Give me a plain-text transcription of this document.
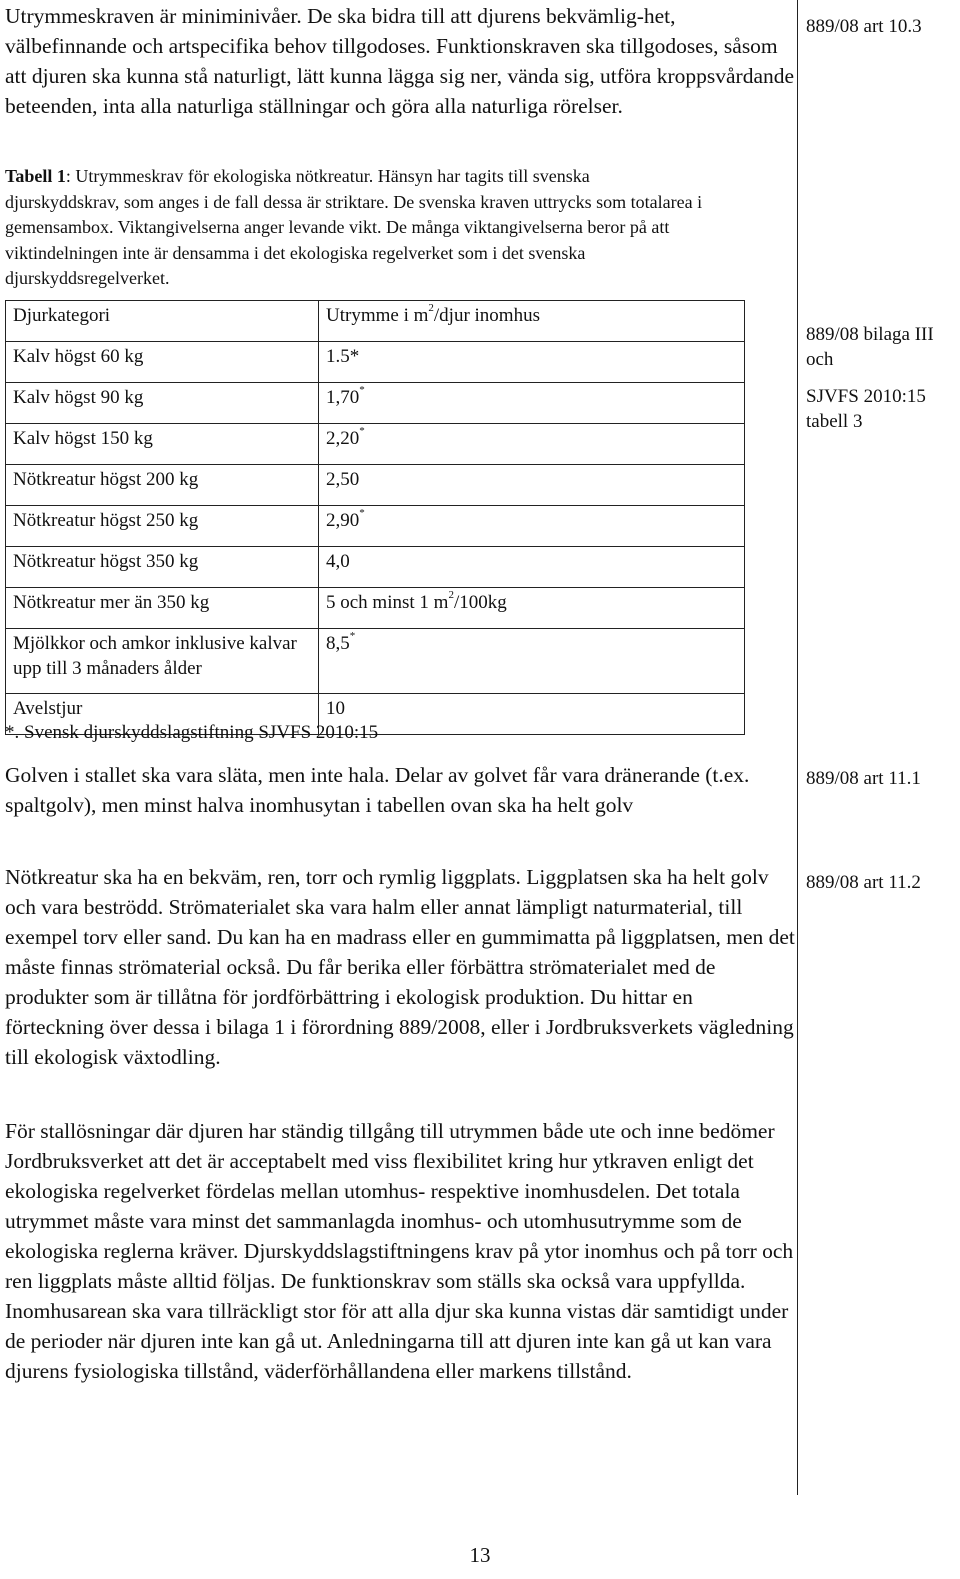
Utrymmeskraven är miniminivåer. De ska bidra till att djurens bekvämlig-het, välbefinnande och artspecifika behov tillgodoses. Funktionskraven ska tillgodoses, såsom att djuren ska kunna stå naturligt, lätt kunna lägga sig ner, vända sig, utföra kroppsvårdande beteenden, inta alla naturliga ställningar och göra alla naturliga rörelser.

Tabell 1: Utrymmeskrav för ekologiska nötkreatur. Hänsyn har tagits till svenska djurskyddskrav, som anges i de fall dessa är striktare. De svenska kraven uttrycks som totalarea i gemensambox. Viktangivelserna anger levande vikt. De många viktangivelserna beror på att viktindelningen inte är densamma i det ekologiska regelverket som i det svenska djurskyddsregelverket.
Djurkategori	Utrymme i $m^2$/djur inomhus
Kalv högst 60 kg	1.5*
Kalv högst 90 kg	1,70*
Kalv högst 150 kg	2,20*
Nötkreatur högst 200 kg	2,50
Nötkreatur högst 250 kg	2,90*
Nötkreatur högst 350 kg	4,0
Nötkreatur mer än 350 kg	5 och minst 1 $m^2/100kg$
Mjölkkor och amkor inklusive kalvar upp till 3 månaders ålder	8,5*
Avelstjur	10
*. Svensk djurskyddslagstiftning SJVFS 2010:15

Golven i stallet ska vara släta, men inte hala. Delar av golvet får vara dränerande (t.ex. spaltgolv), men minst halva inomhusytan i tabellen ovan ska ha helt golv

Nötkreatur ska ha en bekväm, ren, torr och rymlig liggplats. Liggplatsen ska ha helt golv och vara beströdd. Strömaterialet ska vara halm eller annat lämpligt naturmaterial, till exempel torv eller sand. Du kan ha en madrass eller en gummimatta på liggplatsen, men det måste finnas strömaterial också. Du får berika eller förbättra strömaterialet med de produkter som är tillåtna för jordförbättring i ekologisk produktion. Du hittar en förteckning över dessa i bilaga 1 i förordning 889/2008, eller i Jordbruksverkets vägledning till ekologisk växtodling.

För stallösningar där djuren har ständig tillgång till utrymmen både ute och inne bedömer Jordbruksverket att det är acceptabelt med viss flexibilitet kring hur ytkraven enligt det ekologiska regelverket fördelas mellan utomhus- respektive inomhusdelen. Det totala utrymmet måste vara minst det sammanlagda inomhus- och utomhusutrymme som de ekologiska reglerna kräver. Djurskyddslagstiftningens krav på ytor inomhus och på torr och ren liggplats måste alltid följas. De funktionskrav som ställs ska också vara uppfyllda. Inomhusarean ska vara tillräckligt stor för att alla djur ska kunna vistas där samtidigt under de perioder när djuren inte kan gå ut. Anledningarna till att djuren inte kan gå ut kan vara djurens fysiologiska tillstånd, väderförhållandena eller markens tillstånd.

889/08 art 10.3
889/08 bilaga III och
SJVFS 2010:15 tabell 3
889/08 art 11.1
889/08 art 11.2
13
